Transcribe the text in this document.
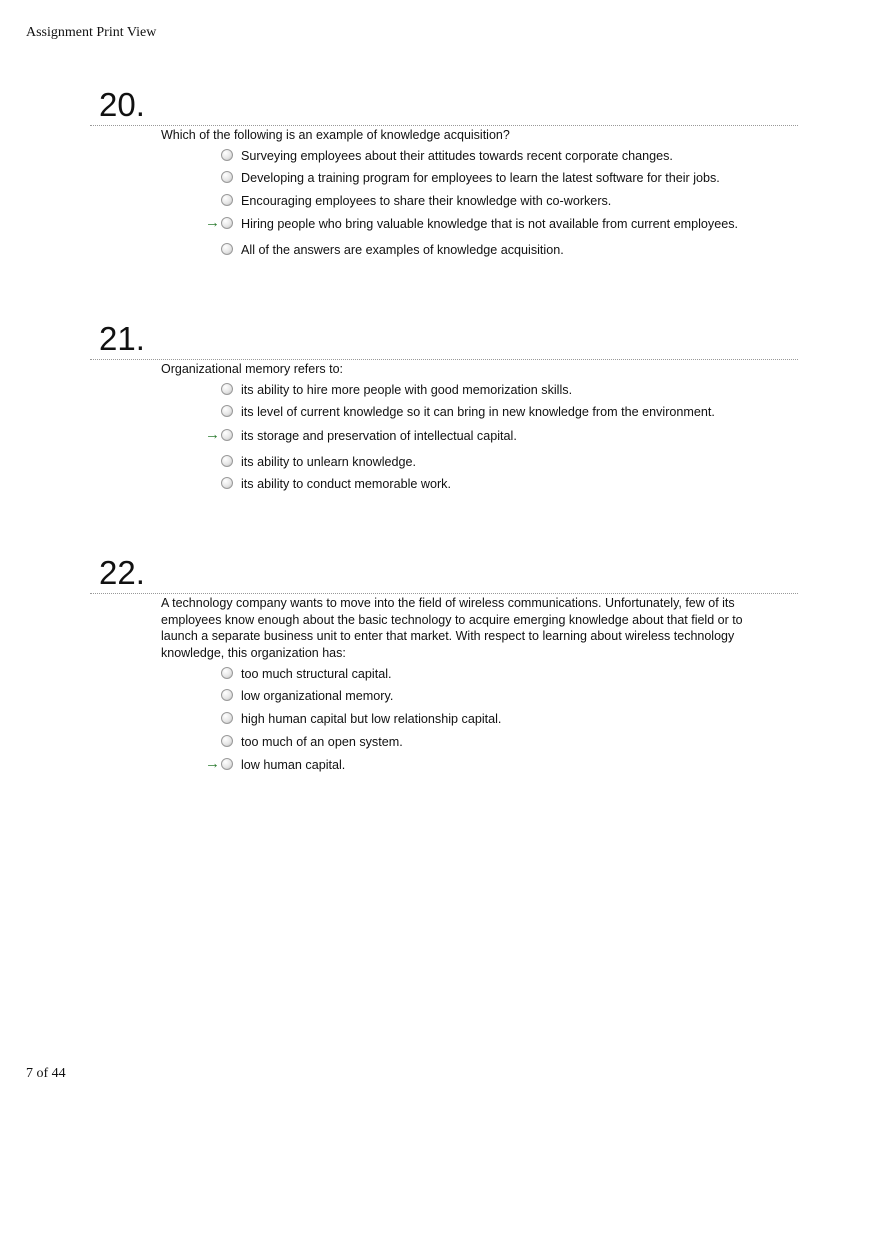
Assignment Print View
20.
Which of the following is an example of knowledge acquisition?
Surveying employees about their attitudes towards recent corporate changes.
Developing a training program for employees to learn the latest software for their jobs.
Encouraging employees to share their knowledge with co-workers.
→ Hiring people who bring valuable knowledge that is not available from current employees.
All of the answers are examples of knowledge acquisition.
21.
Organizational memory refers to:
its ability to hire more people with good memorization skills.
its level of current knowledge so it can bring in new knowledge from the environment.
→ its storage and preservation of intellectual capital.
its ability to unlearn knowledge.
its ability to conduct memorable work.
22.
A technology company wants to move into the field of wireless communications. Unfortunately, few of its employees know enough about the basic technology to acquire emerging knowledge about that field or to launch a separate business unit to enter that market. With respect to learning about wireless technology knowledge, this organization has:
too much structural capital.
low organizational memory.
high human capital but low relationship capital.
too much of an open system.
→ low human capital.
7 of 44
